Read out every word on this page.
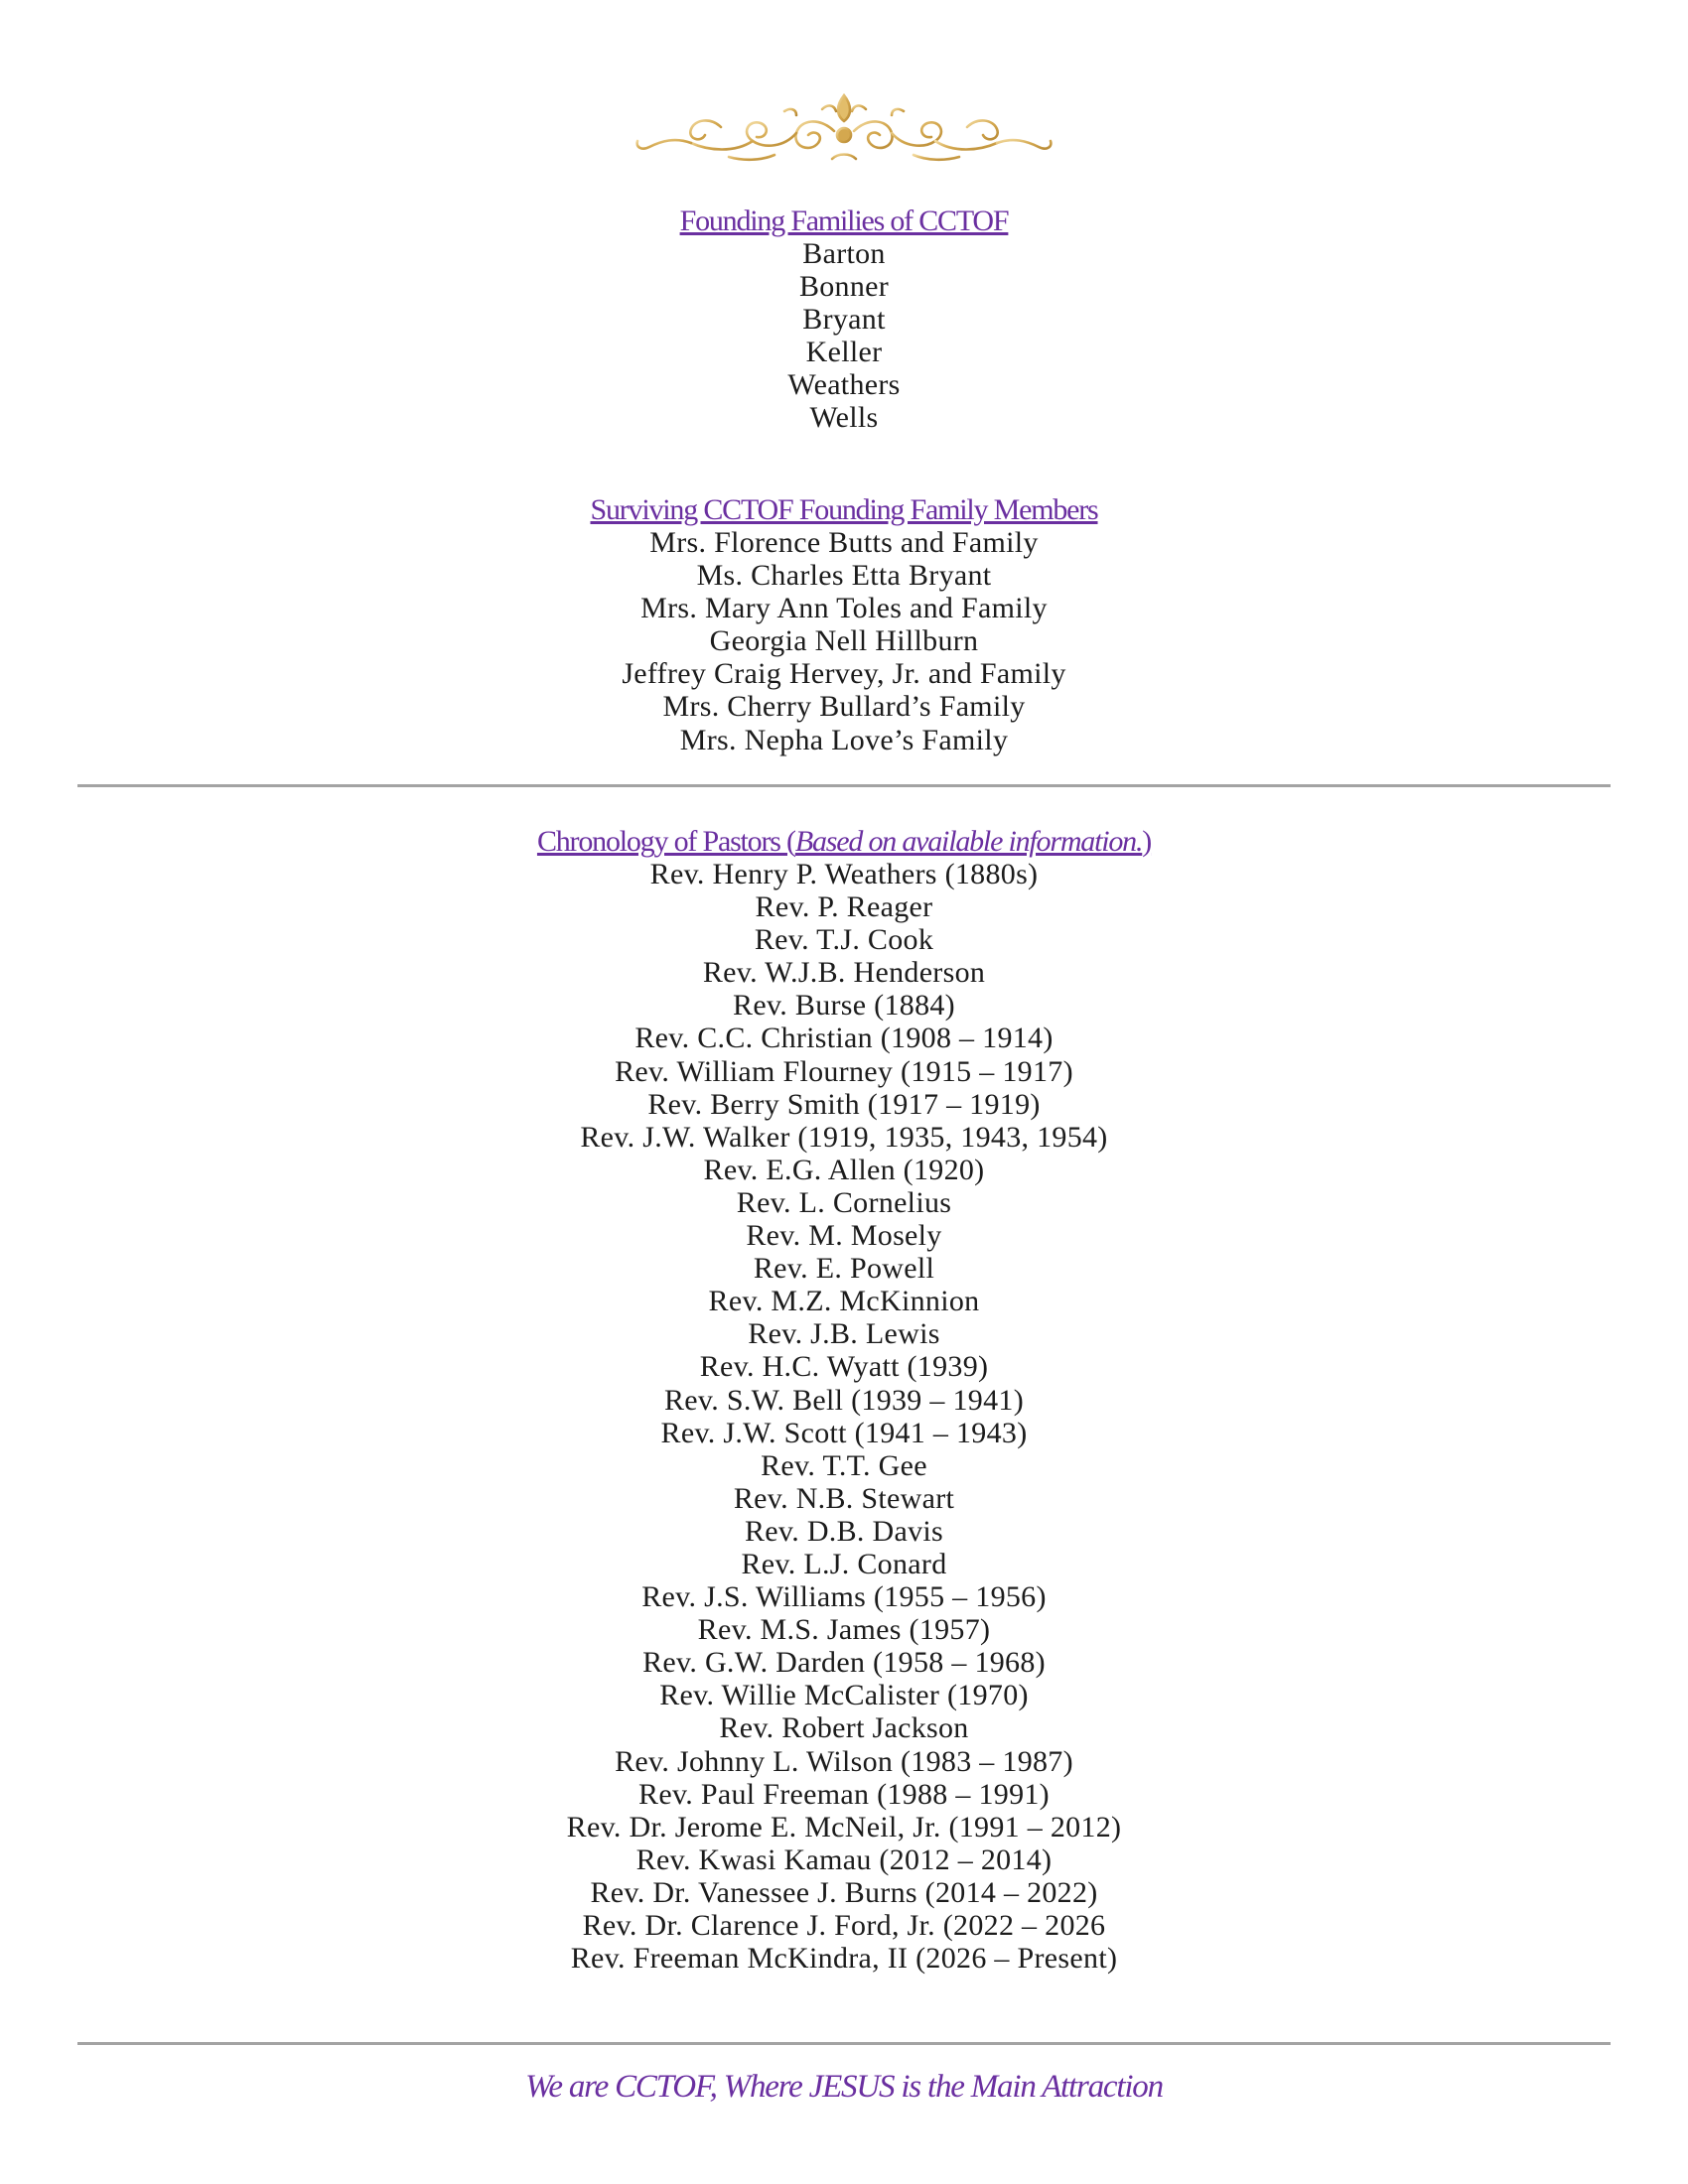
Founding Families of CCTOF
Barton
Bonner
Bryant
Keller
Weathers
Wells
Surviving CCTOF Founding Family Members
Mrs. Florence Butts and Family
Ms. Charles Etta Bryant
Mrs. Mary Ann Toles and Family
Georgia Nell Hillburn
Jeffrey Craig Hervey, Jr. and Family
Mrs. Cherry Bullard’s Family
Mrs. Nepha Love’s Family
Chronology of Pastors (Based on available information.)
Rev. Henry P. Weathers (1880s)
Rev. P. Reager
Rev. T.J. Cook
Rev. W.J.B. Henderson
Rev. Burse (1884)
Rev. C.C. Christian (1908 – 1914)
Rev. William Flourney (1915 – 1917)
Rev. Berry Smith (1917 – 1919)
Rev. J.W. Walker (1919, 1935, 1943, 1954)
Rev. E.G. Allen (1920)
Rev. L. Cornelius
Rev. M. Mosely
Rev. E. Powell
Rev. M.Z. McKinnion
Rev. J.B. Lewis
Rev. H.C. Wyatt (1939)
Rev. S.W. Bell (1939 – 1941)
Rev. J.W. Scott (1941 – 1943)
Rev. T.T. Gee
Rev. N.B. Stewart
Rev. D.B. Davis
Rev. L.J. Conard
Rev. J.S. Williams (1955 – 1956)
Rev. M.S. James (1957)
Rev. G.W. Darden (1958 – 1968)
Rev. Willie McCalister (1970)
Rev. Robert Jackson
Rev. Johnny L. Wilson (1983 – 1987)
Rev. Paul Freeman (1988 – 1991)
Rev. Dr. Jerome E. McNeil, Jr. (1991 – 2012)
Rev. Kwasi Kamau (2012 – 2014)
Rev. Dr. Vanessee J. Burns (2014 – 2022)
Rev. Dr. Clarence J. Ford, Jr. (2022 – 2026
Rev. Freeman McKindra, II (2026 – Present)
We are CCTOF, Where JESUS is the Main Attraction
